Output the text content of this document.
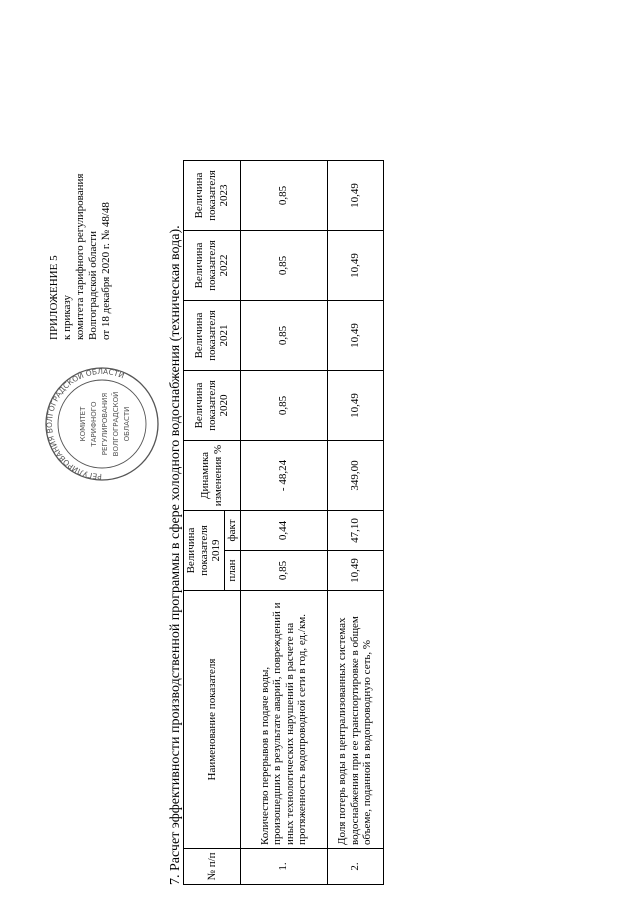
РЕГУЛИРОВАНИЯ ВОЛГОГРАДСКОЙ ОБЛАСТИ
КОМИТЕТ ТАРИФНОГО РЕГУЛИРОВАНИЯ ВОЛГОГРАДСКОЙ ОБЛАСТИ
ПРИЛОЖЕНИЕ 5 к приказу комитета тарифного регулирования Волгоградской области от 18 декабря 2020 г. № 48/48	7. Расчет эффективности производственной программы в сфере холодного водоснабжения (техническая вода). № п/п	Наименование показателя	Величина показателя 2019		Динамика изменения %	Величина показателя 2020	Величина показателя 2021	Величина показателя 2022	Величина показателя 2023
		план	факт					
1.	Количество перерывов в подаче воды, произошедших в результате аварий, повреждений и иных технологических нарушений в расчете на протяженность водопроводной сети в год, ед./км.	0,85	0,44	- 48,24	0,85	0,85	0,85	0,85
2.	Доля потерь воды в централизованных системах водоснабжения при ее транспортировке в общем объеме, поданной в водопроводную сеть, %	10,49	47,10	349,00	10,49	10,49	10,49	10,49
